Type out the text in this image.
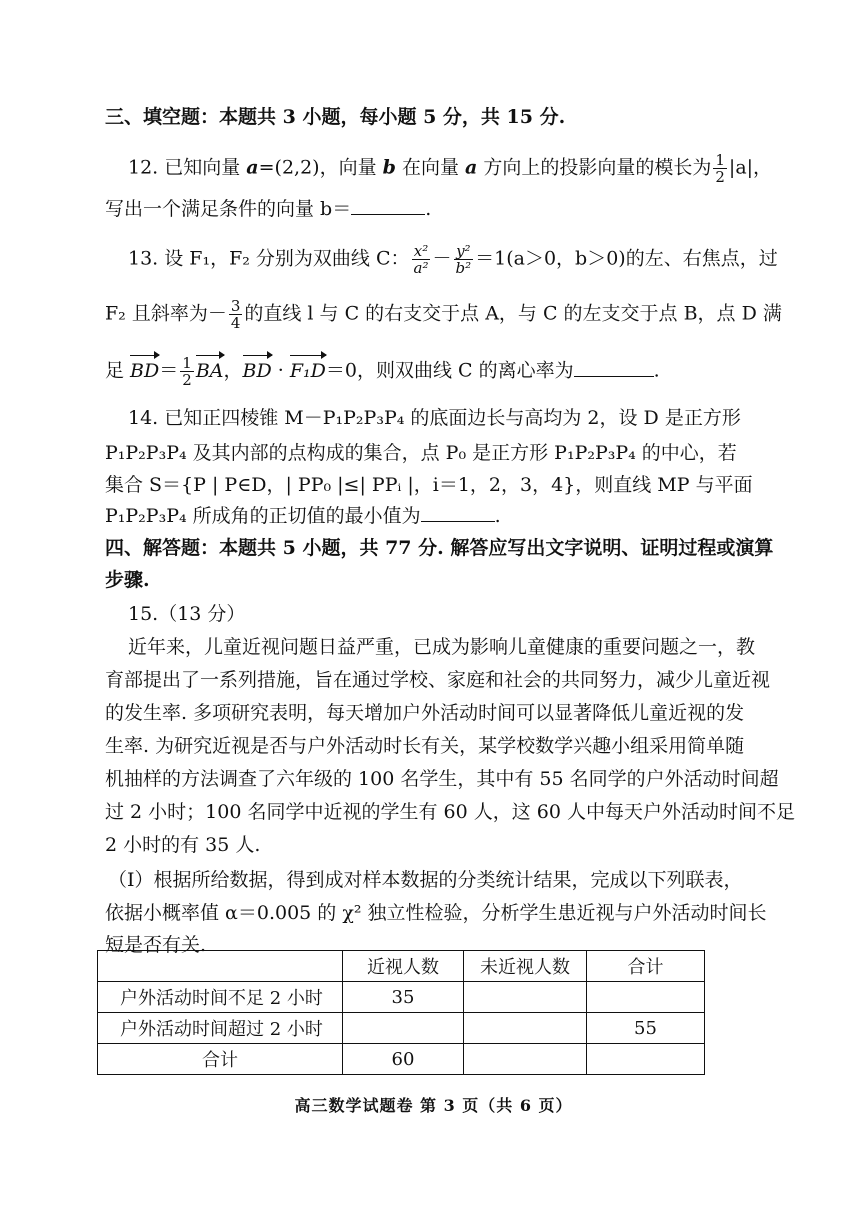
三、填空题：本题共 3 小题，每小题 5 分，共 15 分.
12. 已知向量 a=(2,2)，向量 b 在向量 a 方向上的投影向量的模长为 $\frac{1}{2} |a|$，
写出一个满足条件的向量 b＝	.
13. 设 F₁，F₂ 分别为双曲线 C： $\frac{\text{x²}}{\text{a²}} - \frac{\text{y²}}{\text{b²}} =1(a>0$，b＞0)的左、右焦点，过
F₂ 且斜率为－ $\frac{3}{4}$ 的直线 l 与 C 的右支交于点 A，与 C 的左支交于点 B，点 D 满
足 $BD= \frac{1}{2}$ BA，BD · F₁D＝0，则双曲线 C 的离心率为	.
14. 已知正四棱锥 M－P₁P₂P₃P₄ 的底面边长与高均为 2，设 D 是正方形
P₁P₂P₃P₄ 及其内部的点构成的集合，点 P₀ 是正方形 P₁P₂P₃P₄ 的中心，若
集合 S＝{P | P∈D，| PP₀ |≤| PPᵢ |，i＝1，2，3，4}，则直线 MP 与平面
P₁P₂P₃P₄ 所成角的正切值的最小值为	.
四、解答题：本题共 5 小题，共 77 分. 解答应写出文字说明、证明过程或演算
步骤.
15.（13 分）
近年来，儿童近视问题日益严重，已成为影响儿童健康的重要问题之一，教
育部提出了一系列措施，旨在通过学校、家庭和社会的共同努力，减少儿童近视
的发生率. 多项研究表明，每天增加户外活动时间可以显著降低儿童近视的发
生率. 为研究近视是否与户外活动时长有关，某学校数学兴趣小组采用简单随
机抽样的方法调查了六年级的 100 名学生，其中有 55 名同学的户外活动时间超
过 2 小时；100 名同学中近视的学生有 60 人，这 60 人中每天户外活动时间不足
2 小时的有 35 人.
（Ⅰ）根据所给数据，得到成对样本数据的分类统计结果，完成以下列联表，
依据小概率值 α＝0.005 的 χ² 独立性检验，分析学生患近视与户外活动时间长
短是否有关.
	近视人数	未近视人数	合计
户外活动时间不足 2 小时	35		
户外活动时间超过 2 小时			55
合计	60		
高三数学试题卷 第 3 页（共 6 页）
